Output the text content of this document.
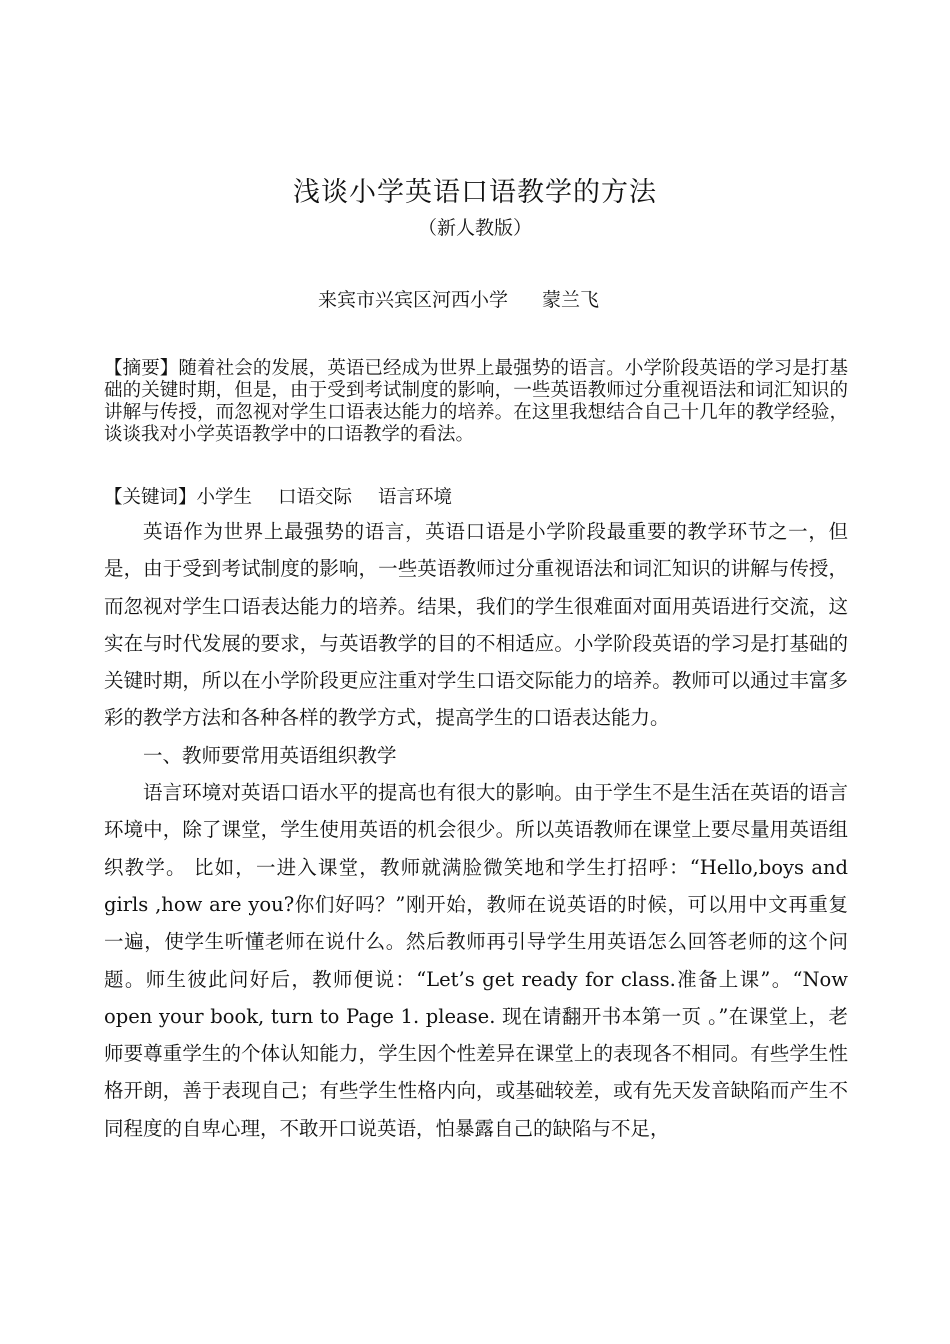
浅谈小学英语口语教学的方法
（新人教版）
来宾市兴宾区河西小学 蒙兰飞
【摘要】随着社会的发展，英语已经成为世界上最强势的语言。小学阶段英语的学习是打基础的关键时期，但是，由于受到考试制度的影响，一些英语教师过分重视语法和词汇知识的讲解与传授，而忽视对学生口语表达能力的培养。在这里我想结合自己十几年的教学经验，谈谈我对小学英语教学中的口语教学的看法。
【关键词】小学生 口语交际 语言环境

英语作为世界上最强势的语言，英语口语是小学阶段最重要的教学环节之一，但是，由于受到考试制度的影响，一些英语教师过分重视语法和词汇知识的讲解与传授，而忽视对学生口语表达能力的培养。结果，我们的学生很难面对面用英语进行交流，这实在与时代发展的要求，与英语教学的目的不相适应。小学阶段英语的学习是打基础的关键时期，所以在小学阶段更应注重对学生口语交际能力的培养。教师可以通过丰富多彩的教学方法和各种各样的教学方式，提高学生的口语表达能力。

一、教师要常用英语组织教学

语言环境对英语口语水平的提高也有很大的影响。由于学生不是生活在英语的语言环境中，除了课堂，学生使用英语的机会很少。所以英语教师在课堂上要尽量用英语组织教学。 比如，一进入课堂，教师就满脸微笑地和学生打招呼：“Hello,boys and girls ,how are you?你们好吗？”刚开始，教师在说英语的时候，可以用中文再重复一遍，使学生听懂老师在说什么。然后教师再引导学生用英语怎么回答老师的这个问题。师生彼此问好后，教师便说：“Let’s get ready for class.准备上课”。“Now open your book, turn to Page 1. please. 现在请翻开书本第一页 。”在课堂上，老师要尊重学生的个体认知能力，学生因个性差异在课堂上的表现各不相同。有些学生性格开朗，善于表现自己；有些学生性格内向，或基础较差，或有先天发音缺陷而产生不同程度的自卑心理，不敢开口说英语，怕暴露自己的缺陷与不足，
